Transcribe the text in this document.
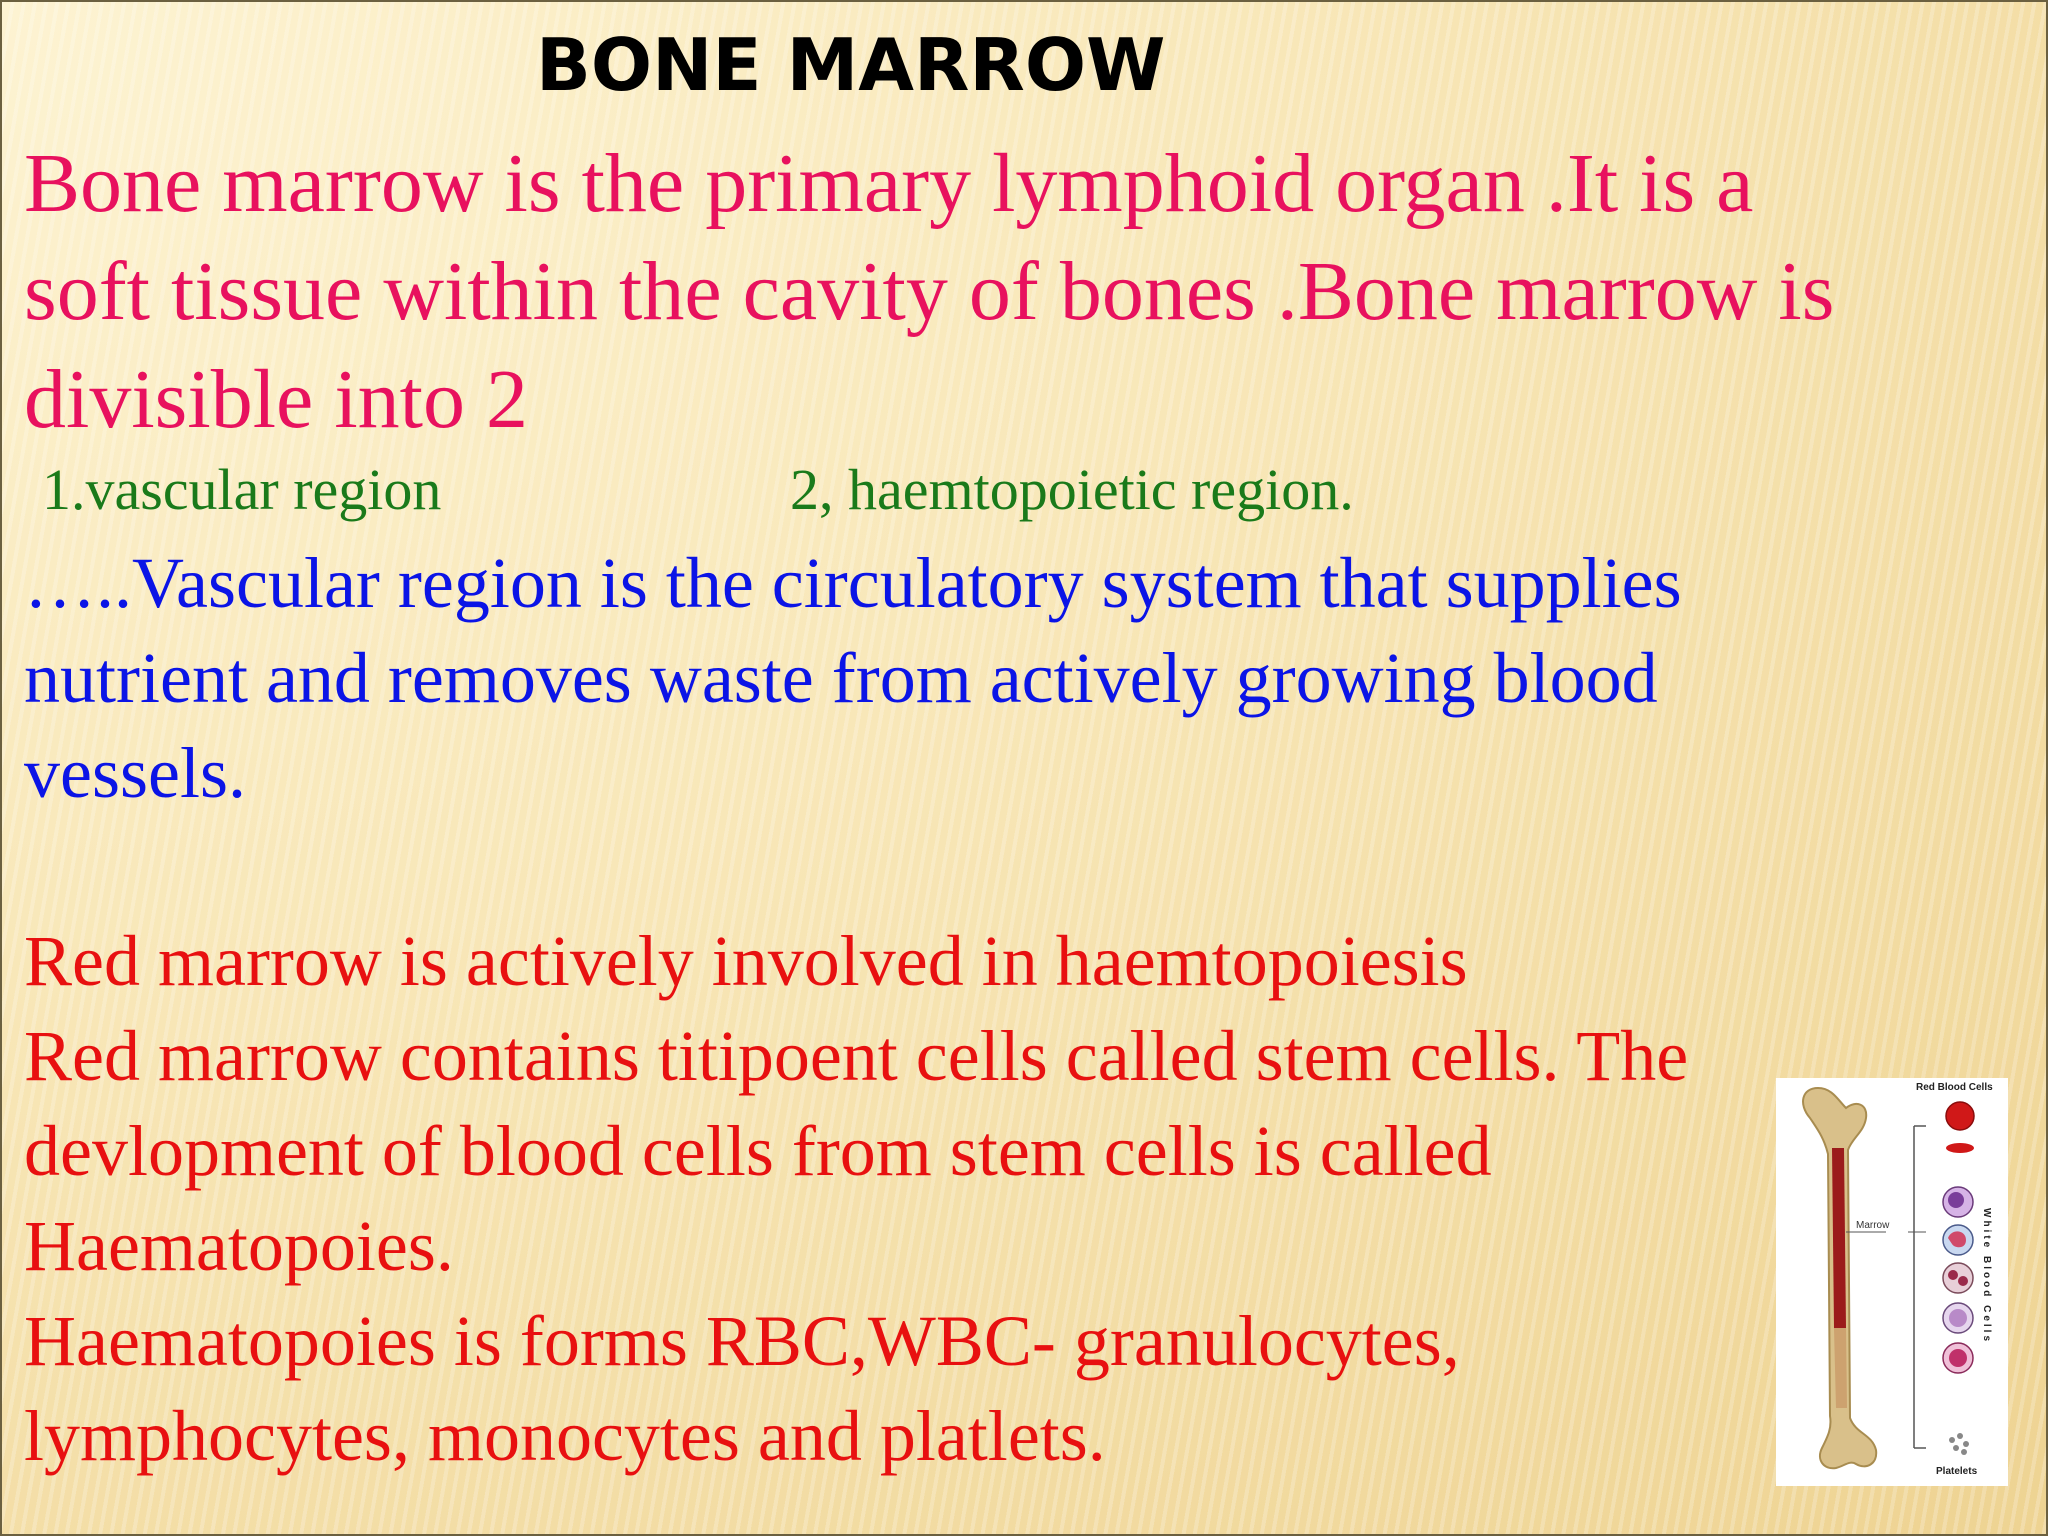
BONE MARROW
Bone marrow is the primary lymphoid organ .It is a
soft tissue within the cavity of bones .Bone marrow is
divisible into 2
1.vascular region	2, haemtopoietic region.
…..Vascular region is the circulatory system that supplies
nutrient and removes waste from actively growing blood
vessels.
Red marrow is actively involved in haemtopoiesis
Red marrow contains titipoent cells called stem cells. The
devlopment of blood cells from stem cells is called
Haematopoies.
Haematopoies is forms RBC,WBC- granulocytes,
lymphocytes, monocytes and platlets.
Marrow
Red Blood Cells
White Blood Cells
Platelets
